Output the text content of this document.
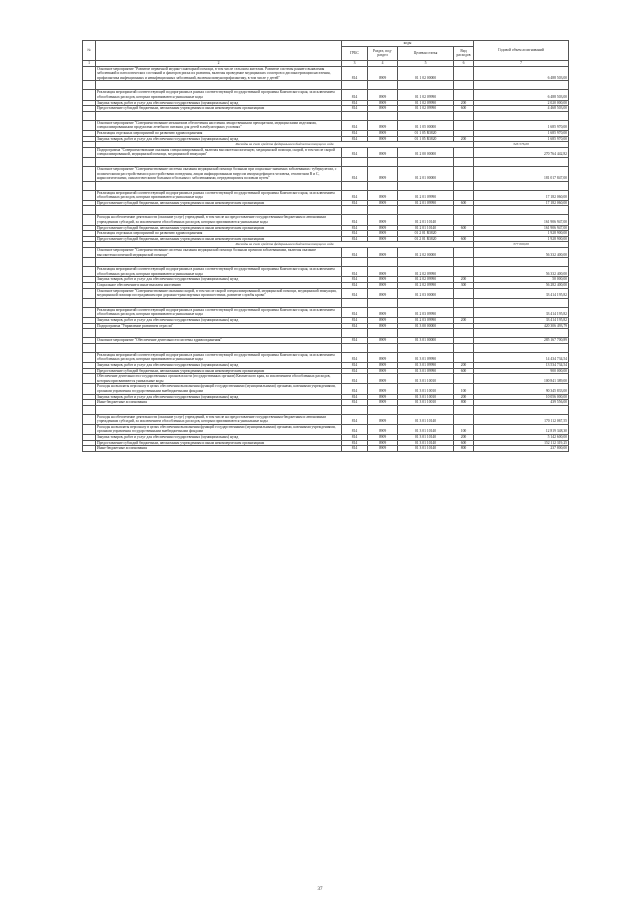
№		коды				Годовой объем ассигнований
		ГРБС	Раздел, под-раздел	Целевая статья	Вид расходов	
1	2	3	4	5	6	7
	Основное мероприятие "Развитие первичной медико-санитарной помощи, в том числе сельским жителям. Развитие системы раннего выявления заболеваний и патологических состояний и факторов риска их развития, включая проведение медицинских осмотров и диспансеризации населения, профилактика инфекционных и неинфекционных заболеваний, включая иммунопрофилактику, в том числе у детей"	814	0909	01 1 02 00000		6 488 503,00

	Реализация мероприятий соответствующей подпрограммы в рамках соответствующей государственной программы Камчатского края, за исключением обособленных расходов, которым присваиваются уникальные коды	814	0909	01 1 02 09990		6 488 503,00
	Закупка товаров, работ и услуг для обеспечения государственных (муниципальных) нужд	814	0909	01 1 02 09990	200	2 020 000,00
	Предоставление субсидий бюджетным, автономным учреждениям и иным некоммерческим организациям	814	0909	01 1 02 09990	600	4 468 503,00

	Основное мероприятие "Совершенствование механизмов обеспечения населения лекарственными препаратами, медицинскими изделиями, специализированными продуктами лечебного питания для детей в амбулаторных условиях"	814	0909	01 1 05 00000		1 685 970,00
	Реализация отдельных мероприятий по развитию здравоохранения	814	0909	01 1 05 R3820		1 685 970,00
	Закупка товаров, работ и услуг для обеспечения государственных (муниципальных) нужд	814	0909	01 1 05 R3820	200	1 685 970,00
	Расходы за счет средств федерального бюджета текущего года					326 576,00
	Подпрограмма "Совершенствование оказания специализированной, включая высокотехнологичную, медицинской помощи, скорой, в том числе скорой специализированной, медицинской помощи, медицинской эвакуации"	814	0909	01 2 00 00000		270 764 442,82

	Основное мероприятие "Совершенствование системы оказания медицинской помощи больным при социально-значимых заболеваниях: туберкулезом, с психическими расстройствами и расстройствами поведения, лицам инфицированным вирусом иммунодефицита человека, гепатитами В и С, наркологическими, онкологическими больным и больным с заболеваниями, передающимися половым путем"	814	0909	01 2 01 00000		181 017 847,00

	Реализация мероприятий соответствующей подпрограммы в рамках соответствующей государственной программы Камчатского края, за исключением обособленных расходов, которым присваиваются уникальные коды	814	0909	01 2 01 09990		17 182 060,00
	Предоставление субсидий бюджетным, автономным учреждениям и иным некоммерческим организациям	814	0909	01 2 01 09990	600	17 182 060,00

	Расходы на обеспечение деятельности (оказание услуг) учреждений, в том числе на предоставление государственным бюджетным и автономным учреждениям субсидий, за исключением обособленных расходов, которым присваиваются уникальные коды	814	0909	01 2 01 10140		161 906 947,00
	Предоставление субсидий бюджетным, автономным учреждениям и иным некоммерческим организациям	814	0909	01 2 01 10140	600	161 906 947,00
	Реализация отдельных мероприятий по развитию здравоохранения	814	0909	01 2 01 R3820		1 928 900,00
	Предоставление субсидий бюджетным, автономным учреждениям и иным некоммерческим организациям	814	0909	01 2 01 R3820	600	1 928 900,00
	Расходы за счет средств федерального бюджета текущего года					377 000,00
	Основное мероприятие "Совершенствование системы оказания медицинской помощи больным прочими заболеваниями, включая оказание высокотехнологичной медицинской помощи"	814	0909	01 2 02 00000		56 332 400,00

	Реализация мероприятий соответствующей подпрограммы в рамках соответствующей государственной программы Камчатского края, за исключением обособленных расходов, которым присваиваются уникальные коды	814	0909	01 2 02 09990		56 332 400,00
	Закупка товаров, работ и услуг для обеспечения государственных (муниципальных) нужд	814	0909	01 2 02 09990	200	50 000,00
	Социальное обеспечение и иные выплаты населению	814	0909	01 2 02 09990	300	56 282 400,00
	Основное мероприятие "Совершенствование оказания скорой, в том числе скорой специализированной, медицинской помощи, медицинской эвакуации, медицинской помощи пострадавшим при дорожно-транспортных происшествиях, развитие службы крови"	814	0909	01 2 03 00000		33 414 195,82

	Реализация мероприятий соответствующей подпрограммы в рамках соответствующей государственной программы Камчатского края, за исключением обособленных расходов, которым присваиваются уникальные коды	814	0909	01 2 03 09990		33 414 195,82
	Закупка товаров, работ и услуг для обеспечения государственных (муниципальных) нужд	814	0909	01 2 03 09990	200	33 414 195,82
	Подпрограмма "Управление развитием отрасли"	814	0909	01 3 00 00000		420 306 493,79

	Основное мероприятие "Обеспечение деятельности системы здравоохранения"	814	0909	01 3 01 00000		285 167 700,89

	Реализация мероприятий соответствующей подпрограммы в рамках соответствующей государственной программы Камчатского края, за исключением обособленных расходов, которым присваиваются уникальные коды	814	0909	01 3 01 09990		14 434 734,54
	Закупка товаров, работ и услуг для обеспечения государственных (муниципальных) нужд	814	0909	01 3 01 09990	200	13 534 734,54
	Предоставление субсидий бюджетным, автономным учреждениям и иным некоммерческим организациям	814	0909	01 3 01 09990	600	900 000,00
	Обеспечение деятельности государственных органов власти (государственных органов) Камчатского края, за исключением обособленных расходов, которым присваиваются уникальные коды	814	0909	01 3 01 10010		100 841 389,00
	Расходы на выплаты персоналу в целях обеспечения выполнения функций государственными (муниципальными) органами, казенными учреждениями, органами управления государственными внебюджетными фондами	814	0909	01 3 01 10010	100	90 345 833,00
	Закупка товаров, работ и услуг для обеспечения государственных (муниципальных) нужд	814	0909	01 3 01 10010	200	10 056 000,00
	Иные бюджетные ассигнования	814	0909	01 3 01 10010	800	439 556,00

	Расходы на обеспечение деятельности (оказание услуг) учреждений, в том числе на предоставление государственным бюджетным и автономным учреждениям субсидий, за исключением обособленных расходов, которым присваиваются уникальные коды	814	0909	01 3 01 10140		170 112 067,55
	Расходы на выплаты персоналу в целях обеспечения выполнения функций государственными (муниципальными) органами, казенными учреждениями, органами управления государственными внебюджетными фондами	814	0909	01 3 01 10140	100	12 819 348,30
	Закупка товаров, работ и услуг для обеспечения государственных (муниципальных) нужд	814	0909	01 3 01 10140	200	5 142 600,00
	Предоставление субсидий бюджетным, автономным учреждениям и иным некоммерческим организациям	814	0909	01 3 01 10140	600	152 112 319,25
	Иные бюджетные ассигнования	814	0909	01 3 01 10140	800	237 800,00
37
